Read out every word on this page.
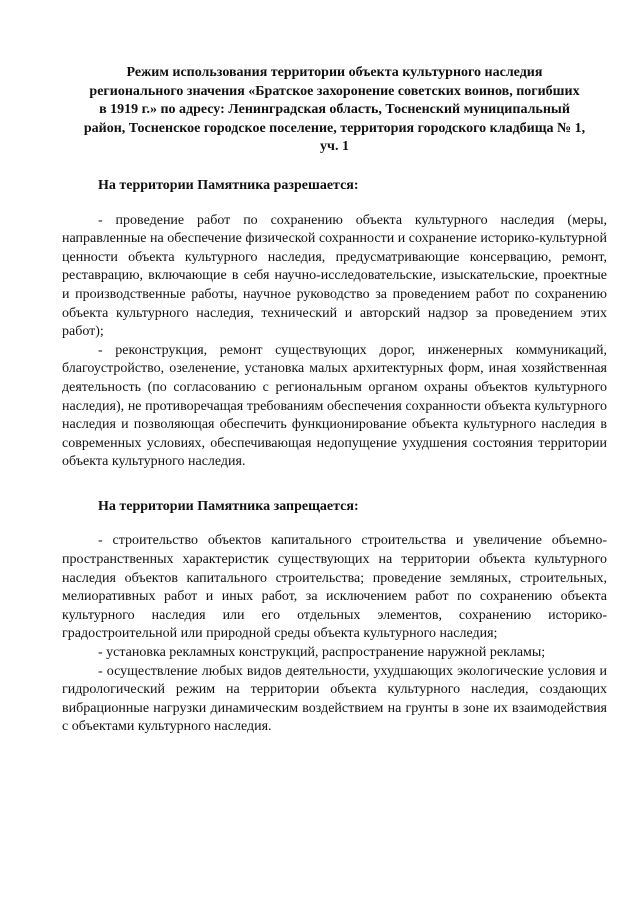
Режим использования территории объекта культурного наследия
регионального значения «Братское захоронение советских воинов, погибших
в 1919 г.» по адресу: Ленинградская область, Тосненский муниципальный
район, Тосненское городское поселение, территория городского кладбища № 1,
уч. 1

На территории Памятника разрешается:

- проведение работ по сохранению объекта культурного наследия (меры, направленные на обеспечение физической сохранности и сохранение историко-культурной ценности объекта культурного наследия, предусматривающие консервацию, ремонт, реставрацию, включающие в себя научно-исследовательские, изыскательские, проектные и производственные работы, научное руководство за проведением работ по сохранению объекта культурного наследия, технический и авторский надзор за проведением этих работ);

- реконструкция, ремонт существующих дорог, инженерных коммуникаций, благоустройство, озеленение, установка малых архитектурных форм, иная хозяйственная деятельность (по согласованию с региональным органом охраны объектов культурного наследия), не противоречащая требованиям обеспечения сохранности объекта культурного наследия и позволяющая обеспечить функционирование объекта культурного наследия в современных условиях, обеспечивающая недопущение ухудшения состояния территории объекта культурного наследия.

На территории Памятника запрещается:

- строительство объектов капитального строительства и увеличение объемно-пространственных характеристик существующих на территории объекта культурного наследия объектов капитального строительства; проведение земляных, строительных, мелиоративных работ и иных работ, за исключением работ по сохранению объекта культурного наследия или его отдельных элементов, сохранению историко-градостроительной или природной среды объекта культурного наследия;

- установка рекламных конструкций, распространение наружной рекламы;

- осуществление любых видов деятельности, ухудшающих экологические условия и гидрологический режим на территории объекта культурного наследия, создающих вибрационные нагрузки динамическим воздействием на грунты в зоне их взаимодействия с объектами культурного наследия.
